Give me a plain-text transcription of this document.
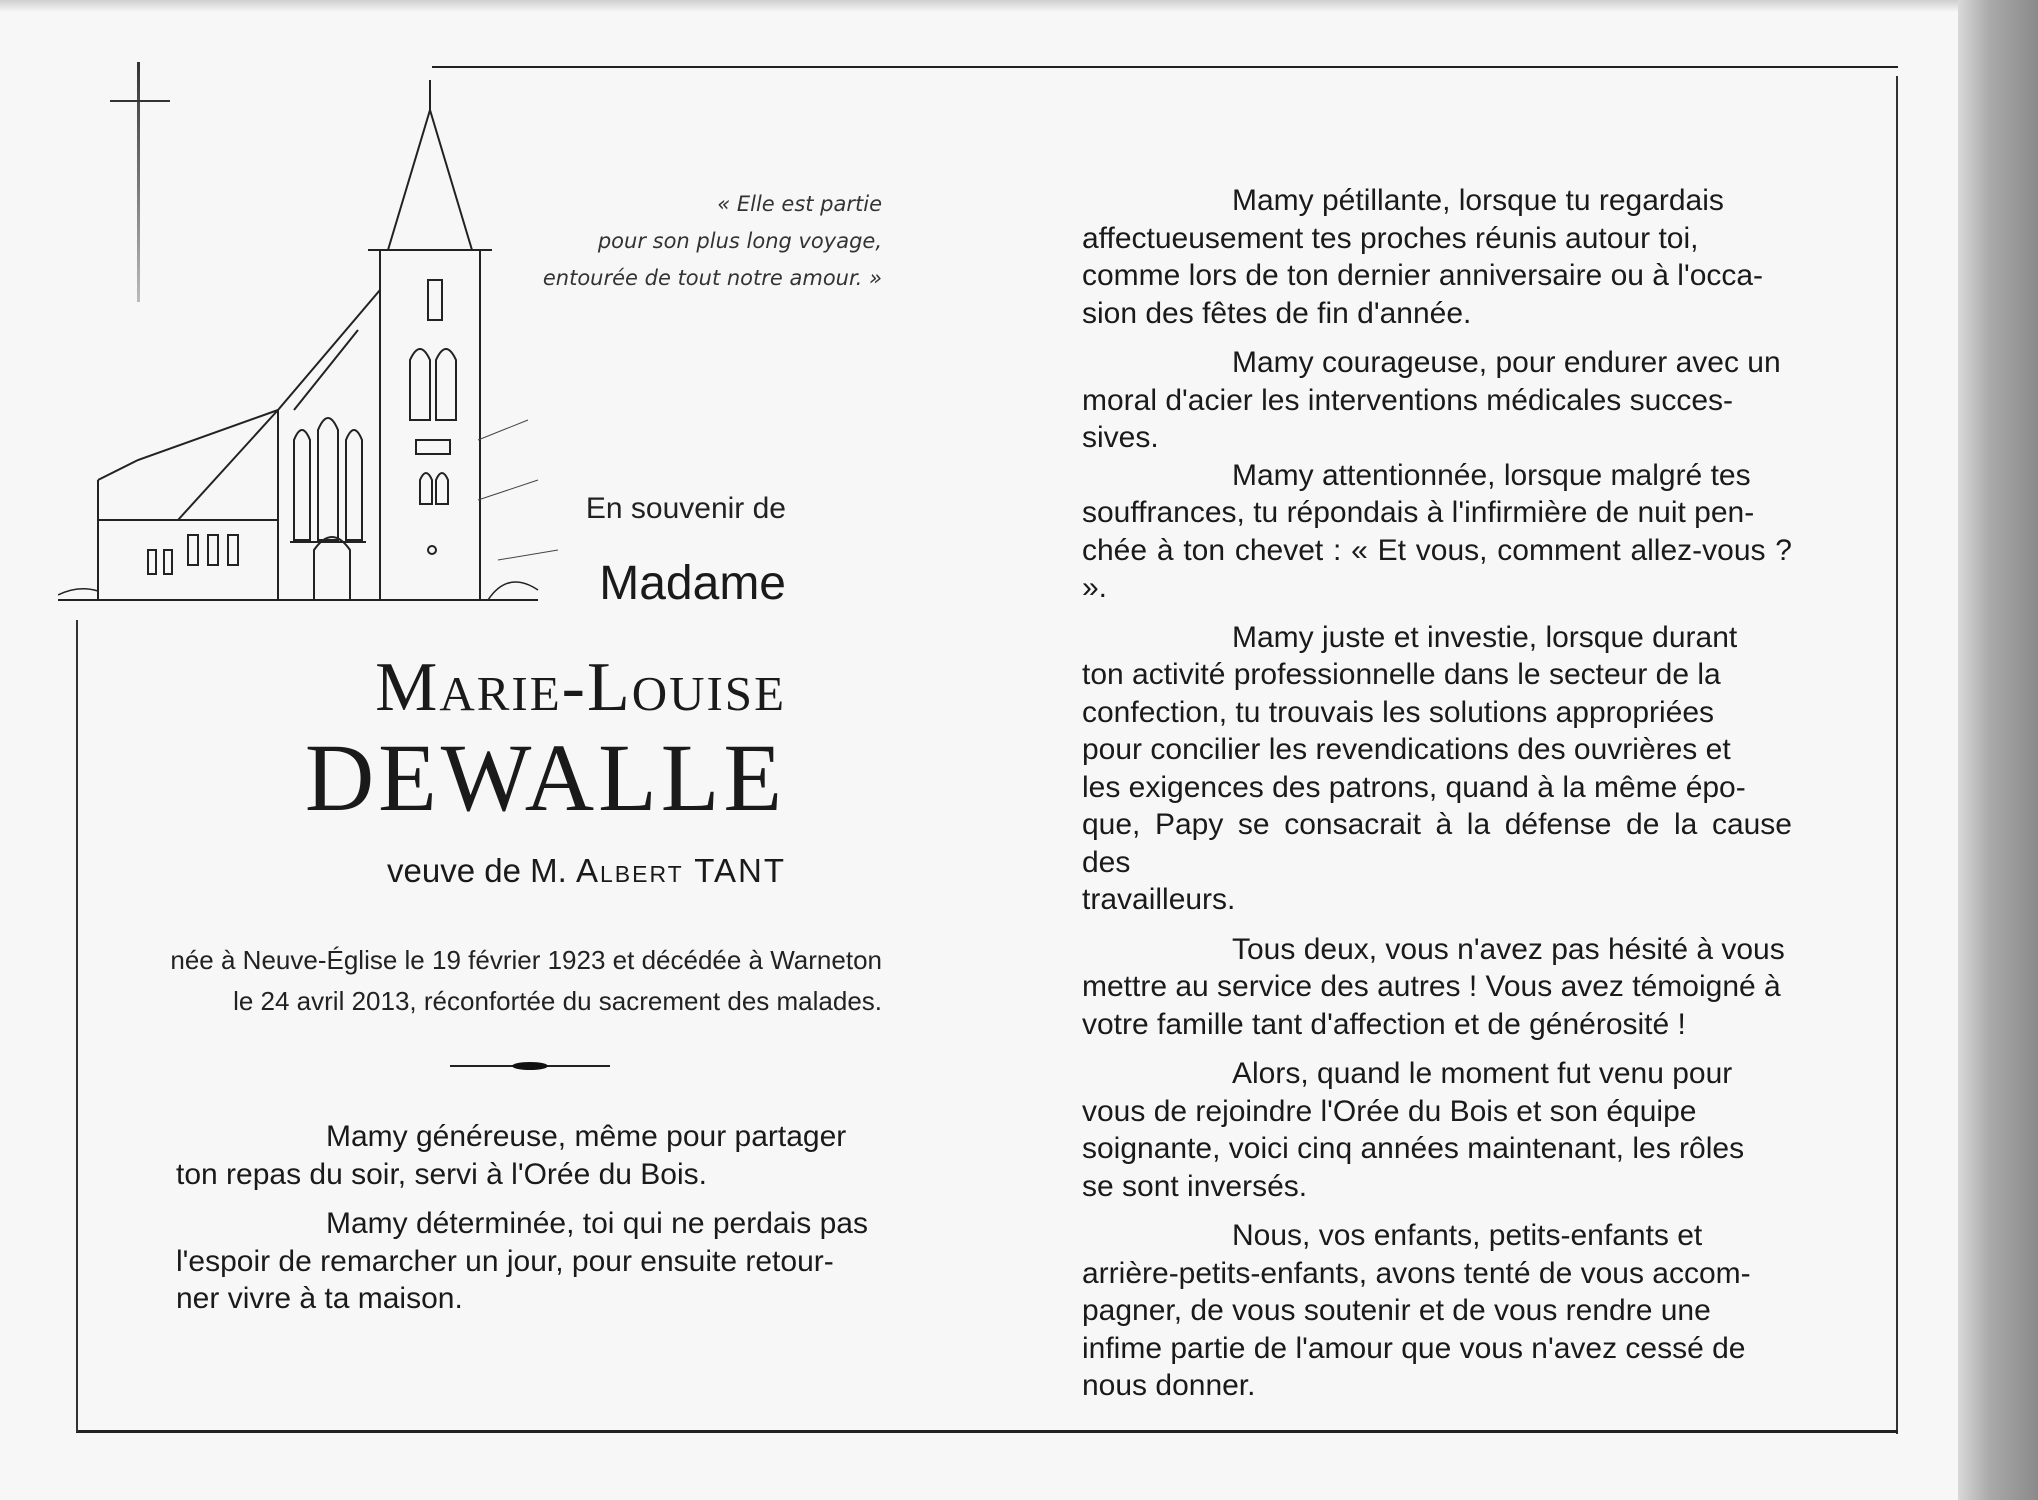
« Elle est partie
pour son plus long voyage,
entourée de tout notre amour. »
En souvenir de
Madame
Marie-Louise
DEWALLE
veuve de M. Albert TANT
née à Neuve-Église le 19 février 1923 et décédée à Warneton
le 24 avril 2013, réconfortée du sacrement des malades.

Mamy généreuse, même pour partager
ton repas du soir, servi à l'Orée du Bois.

Mamy déterminée, toi qui ne perdais pas
l'espoir de remarcher un jour, pour ensuite retour-
ner vivre à ta maison.

Mamy pétillante, lorsque tu regardais
affectueusement tes proches réunis autour toi,
comme lors de ton dernier anniversaire ou à l'occa-
sion des fêtes de fin d'année.

Mamy courageuse, pour endurer avec un
moral d'acier les interventions médicales succes-
sives.

Mamy attentionnée, lorsque malgré tes
souffrances, tu répondais à l'infirmière de nuit pen-
chée à ton chevet : « Et vous, comment allez-vous ? ».

Mamy juste et investie, lorsque durant
ton activité professionnelle dans le secteur de la
confection, tu trouvais les solutions appropriées
pour concilier les revendications des ouvrières et
les exigences des patrons, quand à la même épo-
que, Papy se consacrait à la défense de la cause des
travailleurs.

Tous deux, vous n'avez pas hésité à vous
mettre au service des autres ! Vous avez témoigné à
votre famille tant d'affection et de générosité !

Alors, quand le moment fut venu pour
vous de rejoindre l'Orée du Bois et son équipe
soignante, voici cinq années maintenant, les rôles
se sont inversés.

Nous, vos enfants, petits-enfants et
arrière-petits-enfants, avons tenté de vous accom-
pagner, de vous soutenir et de vous rendre une
infime partie de l'amour que vous n'avez cessé de
nous donner.
